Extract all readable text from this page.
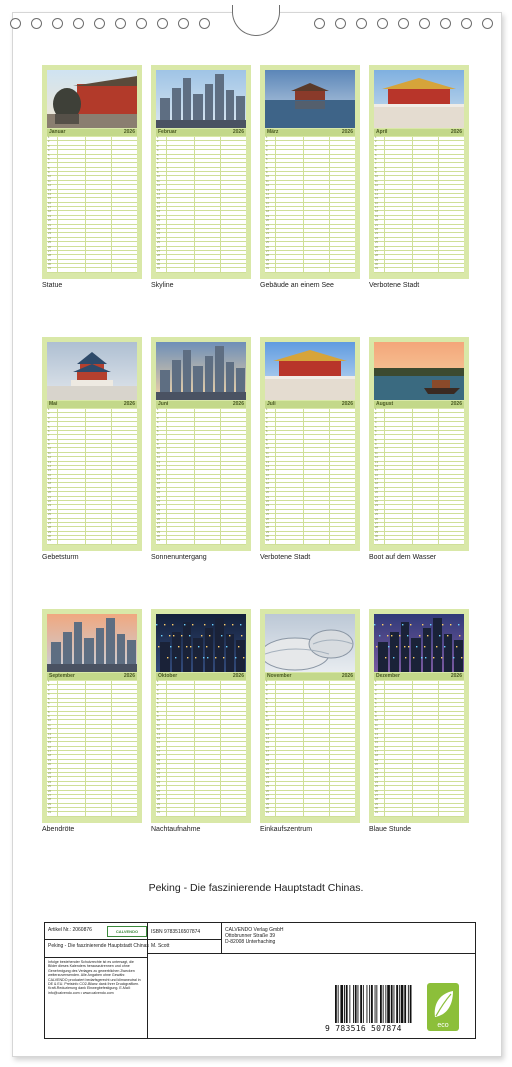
Januar	2026
1
2
3
4
5
6
7
8
9
10
11
12
13
14
15
16
17
18
19
20
21
22
23
24
25
26
27
28
29
30
31
Statue
Februar	2026
1
2
3
4
5
6
7
8
9
10
11
12
13
14
15
16
17
18
19
20
21
22
23
24
25
26
27
28
29
30
31
Skyline
März	2026
1
2
3
4
5
6
7
8
9
10
11
12
13
14
15
16
17
18
19
20
21
22
23
24
25
26
27
28
29
30
31
Gebäude an einem See
April	2026
1
2
3
4
5
6
7
8
9
10
11
12
13
14
15
16
17
18
19
20
21
22
23
24
25
26
27
28
29
30
31
Verbotene Stadt
Mai	2026
1
2
3
4
5
6
7
8
9
10
11
12
13
14
15
16
17
18
19
20
21
22
23
24
25
26
27
28
29
30
31
Gebetsturm
Juni	2026
1
2
3
4
5
6
7
8
9
10
11
12
13
14
15
16
17
18
19
20
21
22
23
24
25
26
27
28
29
30
31
Sonnenuntergang
Juli	2026
1
2
3
4
5
6
7
8
9
10
11
12
13
14
15
16
17
18
19
20
21
22
23
24
25
26
27
28
29
30
31
Verbotene Stadt
August	2026
1
2
3
4
5
6
7
8
9
10
11
12
13
14
15
16
17
18
19
20
21
22
23
24
25
26
27
28
29
30
31
Boot auf dem Wasser
September	2026
1
2
3
4
5
6
7
8
9
10
11
12
13
14
15
16
17
18
19
20
21
22
23
24
25
26
27
28
29
30
31
Abendröte
Oktober	2026
1
2
3
4
5
6
7
8
9
10
11
12
13
14
15
16
17
18
19
20
21
22
23
24
25
26
27
28
29
30
31
Nachtaufnahme
November	2026
1
2
3
4
5
6
7
8
9
10
11
12
13
14
15
16
17
18
19
20
21
22
23
24
25
26
27
28
29
30
31
Einkaufszentrum
Dezember	2026
1
2
3
4
5
6
7
8
9
10
11
12
13
14
15
16
17
18
19
20
21
22
23
24
25
26
27
28
29
30
31
Blaue Stunde
Peking - Die faszinierende Hauptstadt Chinas.
Artikel Nr.: 2060876	CALVENDO
Peking - Die faszinierende Hauptstadt Chinas
Infolge bestehender Schutzrechte ist es untersagt, die Bilder dieses Kalenders herauszutrennen und ohne Genehmigung des Verlages zu gewerblichen Zwecken weiterzuverwenden. Alle Angaben ohne Gewähr. CALVENDO produziert bedarfsgerecht und klimaneutral in DE & EU. Preisinfo CO2-Bilanz dank Ihrer Druckgrafiken. Kraft-Reduzierung dank Einwegbefestigung. E-Mail: info@calvendo.com • www.calvendo.com
ISBN 9783516507874
M. Scott
CALVENDO Verlag GmbH
Ottobrunner Straße 39
D-82008 Unterhaching
9 783516 507874	eco
